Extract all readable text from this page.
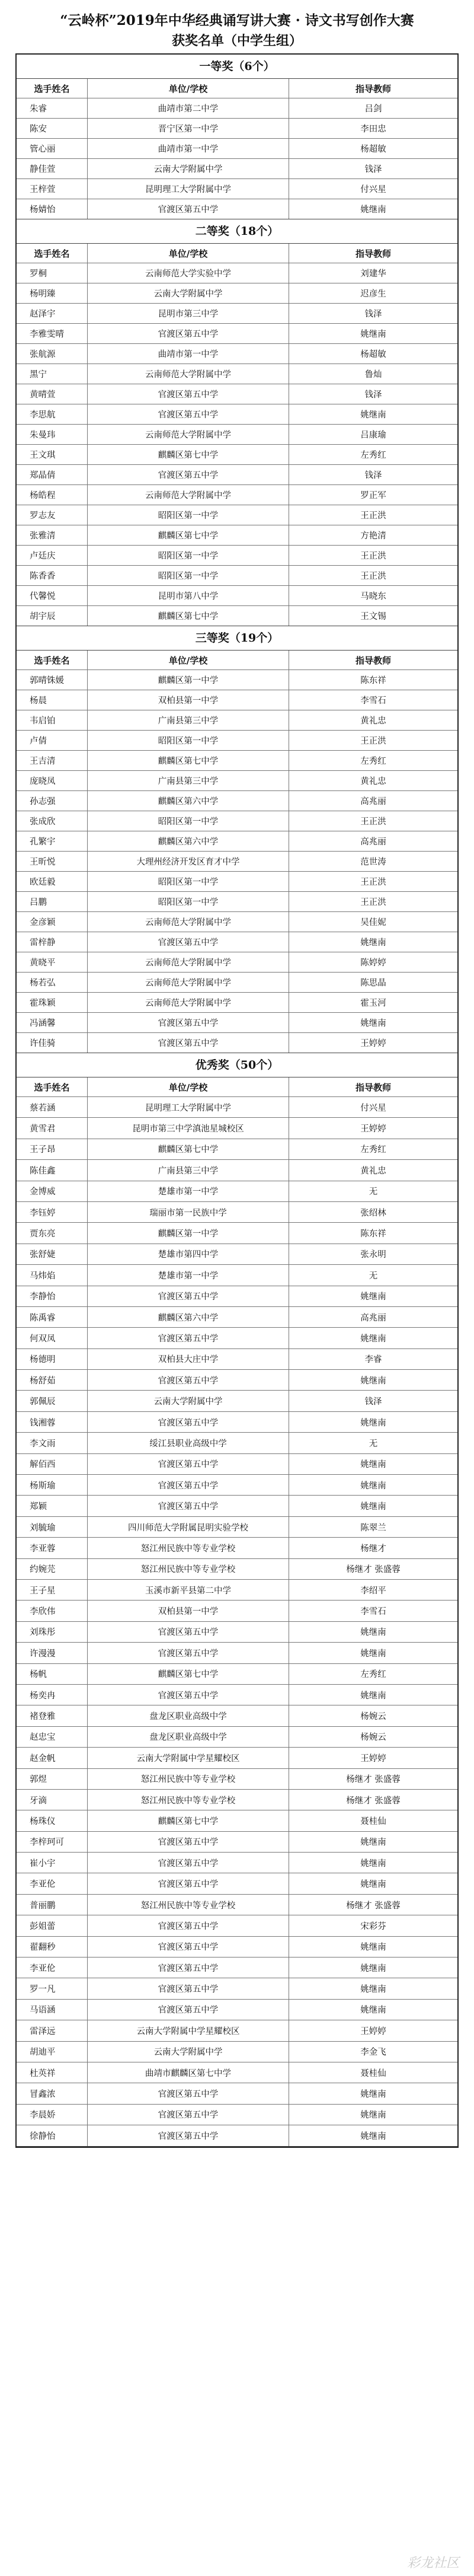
“云岭杯”2019年中华经典诵写讲大赛 · 诗文书写创作大赛
获奖名单（中学生组）
一等奖（6个）
选手姓名	单位/学校	指导教师
朱睿	曲靖市第二中学	吕剑
陈安	晋宁区第一中学	李田忠
管心丽	曲靖市第一中学	杨超敏
静佳萱	云南大学附属中学	钱泽
王梓萱	昆明理工大学附属中学	付兴星
杨婧怡	官渡区第五中学	姚继南
二等奖（18个）
选手姓名	单位/学校	指导教师
罗桐	云南师范大学实验中学	刘建华
杨明臻	云南大学附属中学	迟彦生
赵泽宇	昆明市第三中学	钱泽
李雅雯晴	官渡区第五中学	姚继南
张航源	曲靖市第一中学	杨超敏
黑宁	云南师范大学附属中学	鲁灿
黄晴萱	官渡区第五中学	钱泽
李思航	官渡区第五中学	姚继南
朱曼玮	云南师范大学附属中学	吕康瑜
王文琪	麒麟区第七中学	左秀红
郑晶倩	官渡区第五中学	钱泽
杨皓程	云南师范大学附属中学	罗正军
罗志友	昭阳区第一中学	王正洪
张雅清	麒麟区第七中学	方艳清
卢廷庆	昭阳区第一中学	王正洪
陈香香	昭阳区第一中学	王正洪
代馨悦	昆明市第八中学	马晓东
胡宇辰	麒麟区第七中学	王文锡
三等奖（19个）
选手姓名	单位/学校	指导教师
郭晴铢媛	麒麟区第一中学	陈东祥
杨晨	双柏县第一中学	李雪石
韦启铂	广南县第三中学	黄礼忠
卢倩	昭阳区第一中学	王正洪
王吉清	麒麟区第七中学	左秀红
庞晓凤	广南县第三中学	黄礼忠
孙志强	麒麟区第六中学	高兆丽
张成欣	昭阳区第一中学	王正洪
孔繁宇	麒麟区第六中学	高兆丽
王昕悦	大理州经济开发区育才中学	范世涛
欧廷毅	昭阳区第一中学	王正洪
吕鹏	昭阳区第一中学	王正洪
金彦颖	云南师范大学附属中学	吴佳妮
雷梓静	官渡区第五中学	姚继南
黄晓平	云南师范大学附属中学	陈婷婷
杨若弘	云南师范大学附属中学	陈思晶
霍珠颖	云南师范大学附属中学	霍玉河
冯涵馨	官渡区第五中学	姚继南
许佳骑	官渡区第五中学	王婷婷
优秀奖（50个）
选手姓名	单位/学校	指导教师
蔡若涵	昆明理工大学附属中学	付兴星
黄雪君	昆明市第三中学滇池星城校区	王婷婷
王子昂	麒麟区第七中学	左秀红
陈佳鑫	广南县第三中学	黄礼忠
金博威	楚雄市第一中学	无
李钰婷	瑞丽市第一民族中学	张绍林
贾东亮	麒麟区第一中学	陈东祥
张舒婕	楚雄市第四中学	张永明
马炜焰	楚雄市第一中学	无
李静怡	官渡区第五中学	姚继南
陈禹睿	麒麟区第六中学	高兆丽
何双凤	官渡区第五中学	姚继南
杨德明	双柏县大庄中学	李睿
杨舒茹	官渡区第五中学	姚继南
郭佩辰	云南大学附属中学	钱泽
钱湘蓉	官渡区第五中学	姚继南
李文雨	绥江县职业高级中学	无
解佰西	官渡区第五中学	姚继南
杨斯瑜	官渡区第五中学	姚继南
郑颖	官渡区第五中学	姚继南
刘毓瑜	四川师范大学附属昆明实验学校	陈翠兰
李亚蓉	怒江州民族中等专业学校	杨继才
约婉芫	怒江州民族中等专业学校	杨继才 张盛蓉
王子星	玉溪市新平县第二中学	李绍平
李欣伟	双柏县第一中学	李雪石
刘珠彤	官渡区第五中学	姚继南
许漫漫	官渡区第五中学	姚继南
杨帆	麒麟区第七中学	左秀红
杨奕冉	官渡区第五中学	姚继南
褚登雅	盘龙区职业高级中学	杨婉云
赵忠宝	盘龙区职业高级中学	杨婉云
赵金帆	云南大学附属中学星耀校区	王婷婷
郭煜	怒江州民族中等专业学校	杨继才 张盛蓉
牙滴	怒江州民族中等专业学校	杨继才 张盛蓉
杨珠仪	麒麟区第七中学	聂桂仙
李梓珂可	官渡区第五中学	姚继南
崔小宇	官渡区第五中学	姚继南
李亚伦	官渡区第五中学	姚继南
普丽鹏	怒江州民族中等专业学校	杨继才 张盛蓉
彭姐蕾	官渡区第五中学	宋彩芬
翟翻秒	官渡区第五中学	姚继南
李亚伦	官渡区第五中学	姚继南
罗一凡	官渡区第五中学	姚继南
马语涵	官渡区第五中学	姚继南
雷泽远	云南大学附属中学星耀校区	王婷婷
胡迪平	云南大学附属中学	李金飞
杜英祥	曲靖市麒麟区第七中学	聂桂仙
冒鑫浓	官渡区第五中学	姚继南
李晨娇	官渡区第五中学	姚继南
徐静怡	官渡区第五中学	姚继南
彩龙社区
